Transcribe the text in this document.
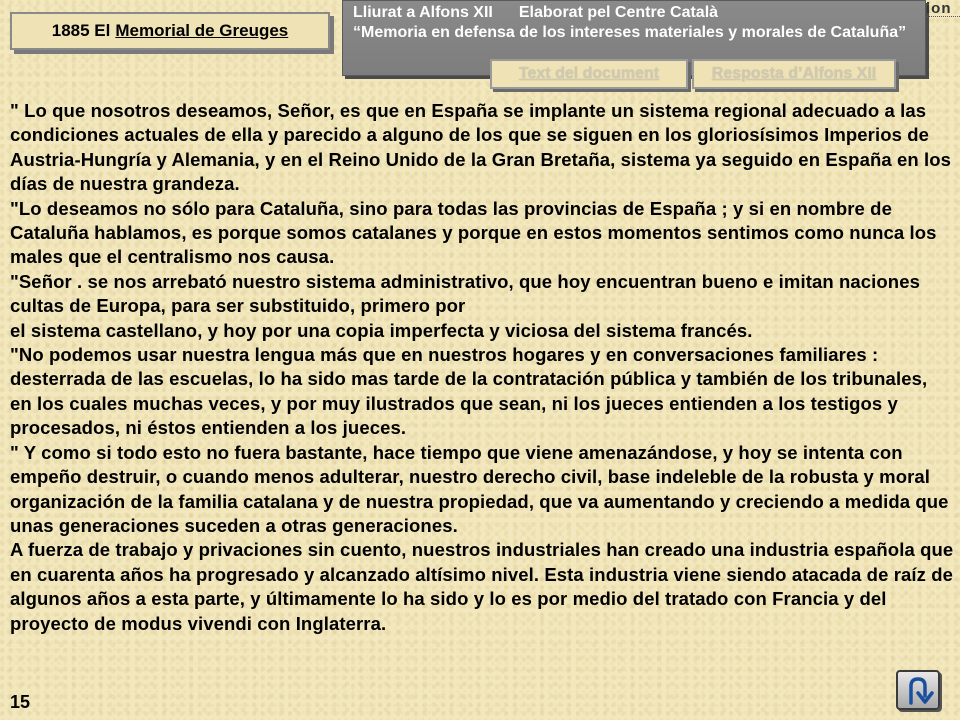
1885
El Memorial de Greuges
Lliurat a Alfons XII Elaborat pel Centre Català
“Memoria en defensa de los intereses materiales y morales de Cataluña”
ion
Text del document	Resposta d’Alfons XII

" Lo que nosotros deseamos, Señor, es que en España se implante un sistema regional adecuado a las condiciones actuales de ella y parecido a alguno de los que se siguen en los gloriosísimos Imperios de Austria-Hungría y Alemania, y en el Reino Unido de la Gran Bretaña, sistema ya seguido en España en los días de nuestra grandeza.

"Lo deseamos no sólo para Cataluña, sino para todas las provincias de España ; y si en nombre de Cataluña hablamos, es porque somos catalanes y porque en estos momentos sentimos como nunca los males que el centralismo nos causa.

"Señor . se nos arrebató nuestro sistema administrativo, que hoy encuentran bueno e imitan naciones cultas de Europa, para ser substituido, primero por

el sistema castellano, y hoy por una copia imperfecta y viciosa del sistema francés.

"No podemos usar nuestra lengua más que en nuestros hogares y en conversaciones familiares : desterrada de las escuelas, lo ha sido mas tarde de la contratación pública y también de los tribunales, en los cuales muchas veces, y por muy ilustrados que sean, ni los jueces entienden a los testigos y procesados, ni éstos entienden a los jueces.

" Y como si todo esto no fuera bastante, hace tiempo que viene amenazándose, y hoy se intenta con empeño destruir, o cuando menos adulterar, nuestro derecho civil, base indeleble de la robusta y moral organización de la familia catalana y de nuestra propiedad, que va aumentando y creciendo a medida que unas generaciones suceden a otras generaciones.

A fuerza de trabajo y privaciones sin cuento, nuestros industriales han creado una industria española que en cuarenta años ha progresado y alcanzado altísimo nivel. Esta industria viene siendo atacada de raíz de algunos años a esta parte, y últimamente lo ha sido y lo es por medio del tratado con Francia y del proyecto de modus vivendi con Inglaterra.

15
